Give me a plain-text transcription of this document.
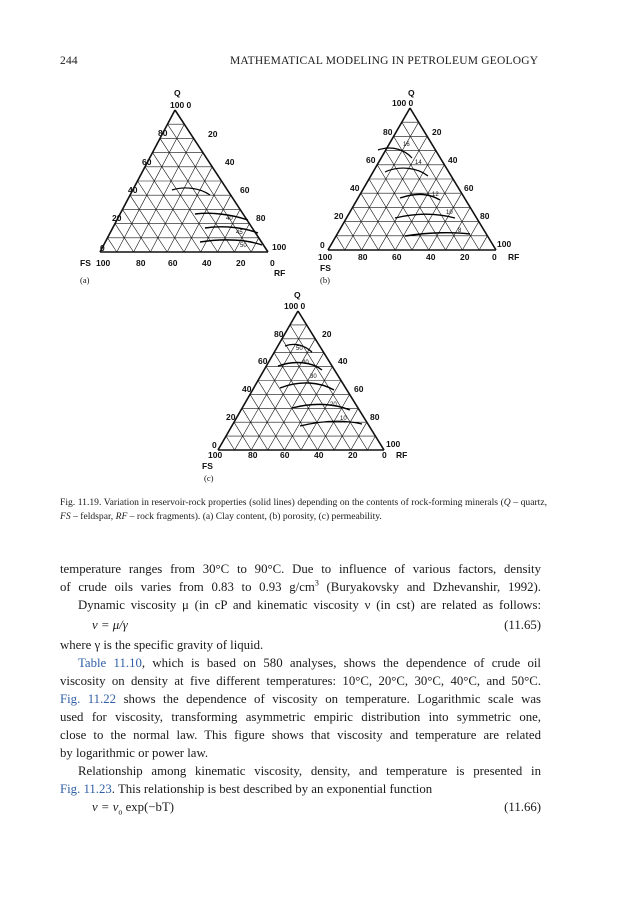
244	MATHEMATICAL MODELING IN PETROLEUM GEOLOGY
Q
100 0
80
60
40
20
0
20
40
60
80
100
FS 100	80	60	40	20	0
RF
(a)
40
45
50
Q
100 0
80
60
40
20
0
20
40
60
80
100
100	80	60	40	20	0 RF
FS
(b)
16
14
12
10
8
Q
100 0
80
60
40
20
0
20
40
60
80
100
100	80	60	40	20	0 RF
FS
(c)
50
40
30
20
10
Fig. 11.19. Variation in reservoir-rock properties (solid lines) depending on the contents of rock-forming minerals (Q – quartz, FS – feldspar, RF – rock fragments). (a) Clay content, (b) porosity, (c) permeability.
temperature ranges from 30°C to 90°C. Due to influence of various factors, density
of crude oils varies from 0.83 to 0.93 $g/cm^3$ (Buryakovsky and Dzhevanshir, 1992).
Dynamic viscosity μ (in cP and kinematic viscosity ν (in cst) are related as follows:
ν = μ/γ	(11.65)
where γ is the specific gravity of liquid.
Table 11.10, which is based on 580 analyses, shows the dependence of crude oil
viscosity on density at five different temperatures: 10°C, 20°C, 30°C, 40°C, and 50°C.
Fig. 11.22 shows the dependence of viscosity on temperature. Logarithmic scale was
used for viscosity, transforming asymmetric empiric distribution into symmetric one,
close to the normal law. This figure shows that viscosity and temperature are related
by logarithmic or power law.
Relationship among kinematic viscosity, density, and temperature is presented in
Fig. 11.23. This relationship is best described by an exponential function
$\nu = \nu_o$ exp(−bT)	(11.66)
